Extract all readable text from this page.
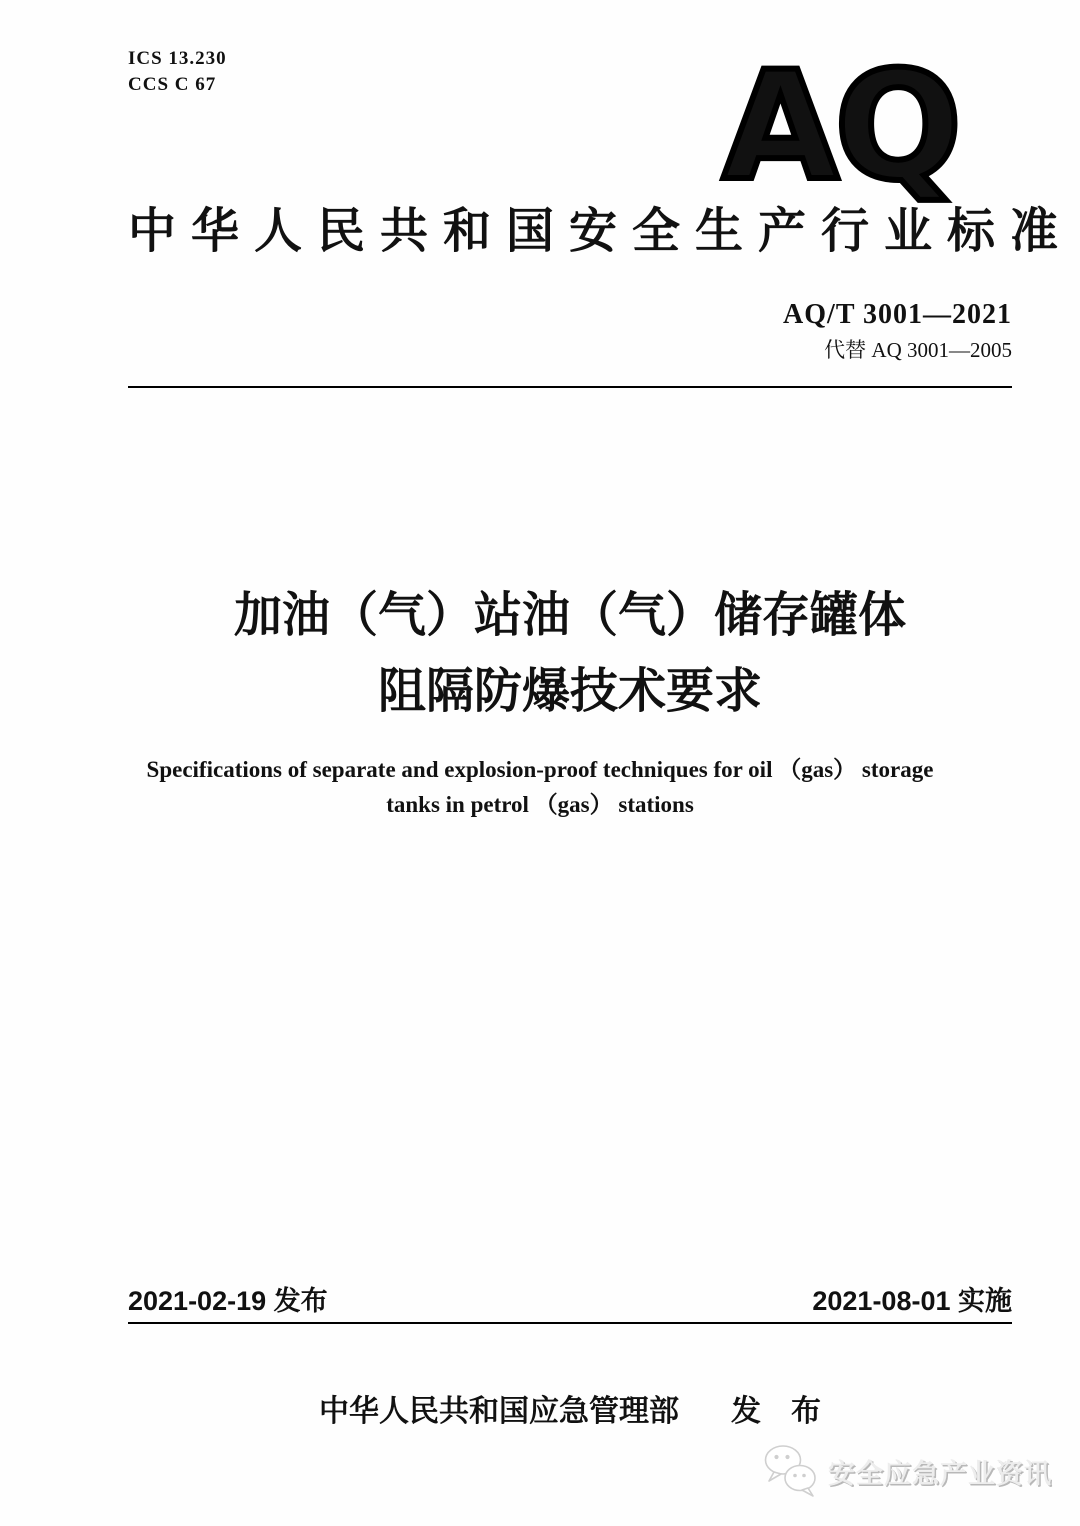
ICS 13.230
CCS C 67	AQ
中华人民共和国安全生产行业标准
AQ/T 3001—2021
代替 AQ 3001—2005
加油（气）站油（气）储存罐体
阻隔防爆技术要求
Specifications of separate and explosion-proof techniques for oil （gas） storage
tanks in petrol （gas） stations
2021-02-19 发布	2021-08-01 实施
中华人民共和国应急管理部 发　布
安全应急产业资讯
